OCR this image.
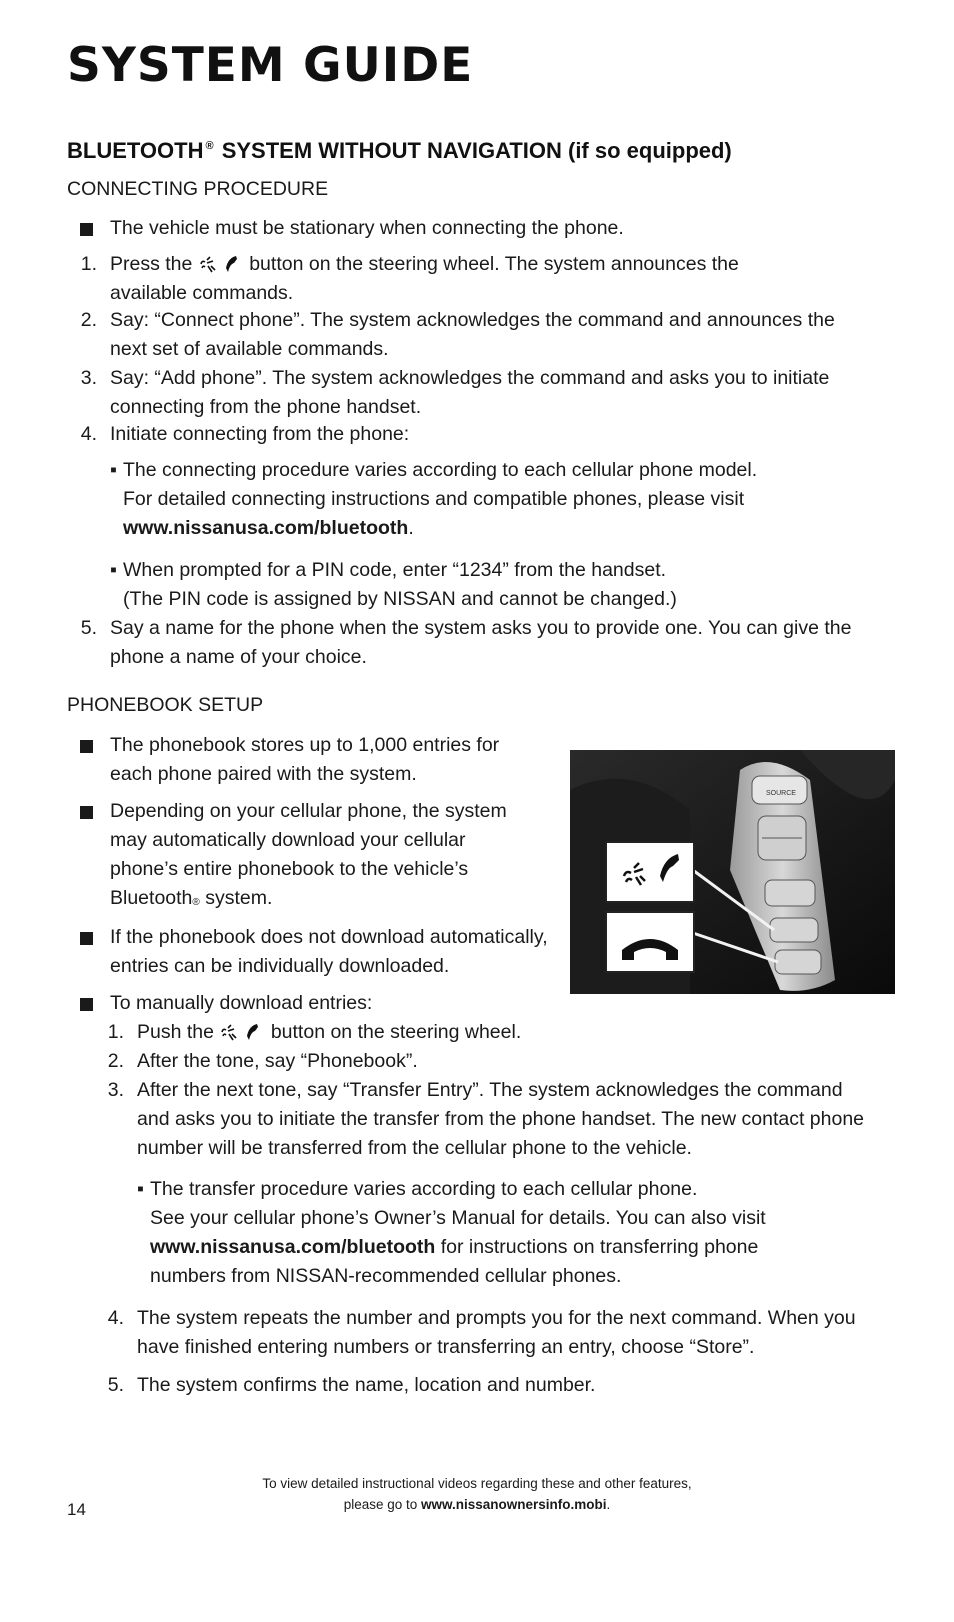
SYSTEM GUIDE
BLUETOOTH ® SYSTEM WITHOUT NAVIGATION (if so equipped)
CONNECTING PROCEDURE
The vehicle must be stationary when connecting the phone.
1. Press the	button on the steering wheel. The system announces the
available commands.
2. Say: “Connect phone”. The system acknowledges the command and announces the
next set of available commands.
3. Say: “Add phone”. The system acknowledges the command and asks you to initiate
connecting from the phone handset.
4. Initiate connecting from the phone:
▪ The connecting procedure varies according to each cellular phone model.
For detailed connecting instructions and compatible phones, please visit
www.nissanusa.com/bluetooth.
▪ When prompted for a PIN code, enter “1234” from the handset.
(The PIN code is assigned by NISSAN and cannot be changed.)
5. Say a name for the phone when the system asks you to provide one. You can give the
phone a name of your choice.
PHONEBOOK SETUP
The phonebook stores up to 1,000 entries for
each phone paired with the system.
Depending on your cellular phone, the system
may automatically download your cellular
phone’s entire phonebook to the vehicle’s
Bluetooth® system.
If the phonebook does not download automatically,
entries can be individually downloaded.
SOURCE
To manually download entries:
1. Push the	button on the steering wheel.
2. After the tone, say “Phonebook”.
3. After the next tone, say “Transfer Entry”. The system acknowledges the command
and asks you to initiate the transfer from the phone handset. The new contact phone
number will be transferred from the cellular phone to the vehicle.
▪ The transfer procedure varies according to each cellular phone.
See your cellular phone’s Owner’s Manual for details. You can also visit
www.nissanusa.com/bluetooth for instructions on transferring phone
numbers from NISSAN-recommended cellular phones.
4. The system repeats the number and prompts you for the next command. When you
have finished entering numbers or transferring an entry, choose “Store”.
5. The system confirms the name, location and number.
To view detailed instructional videos regarding these and other features,
please go to www.nissanownersinfo.mobi.
14
